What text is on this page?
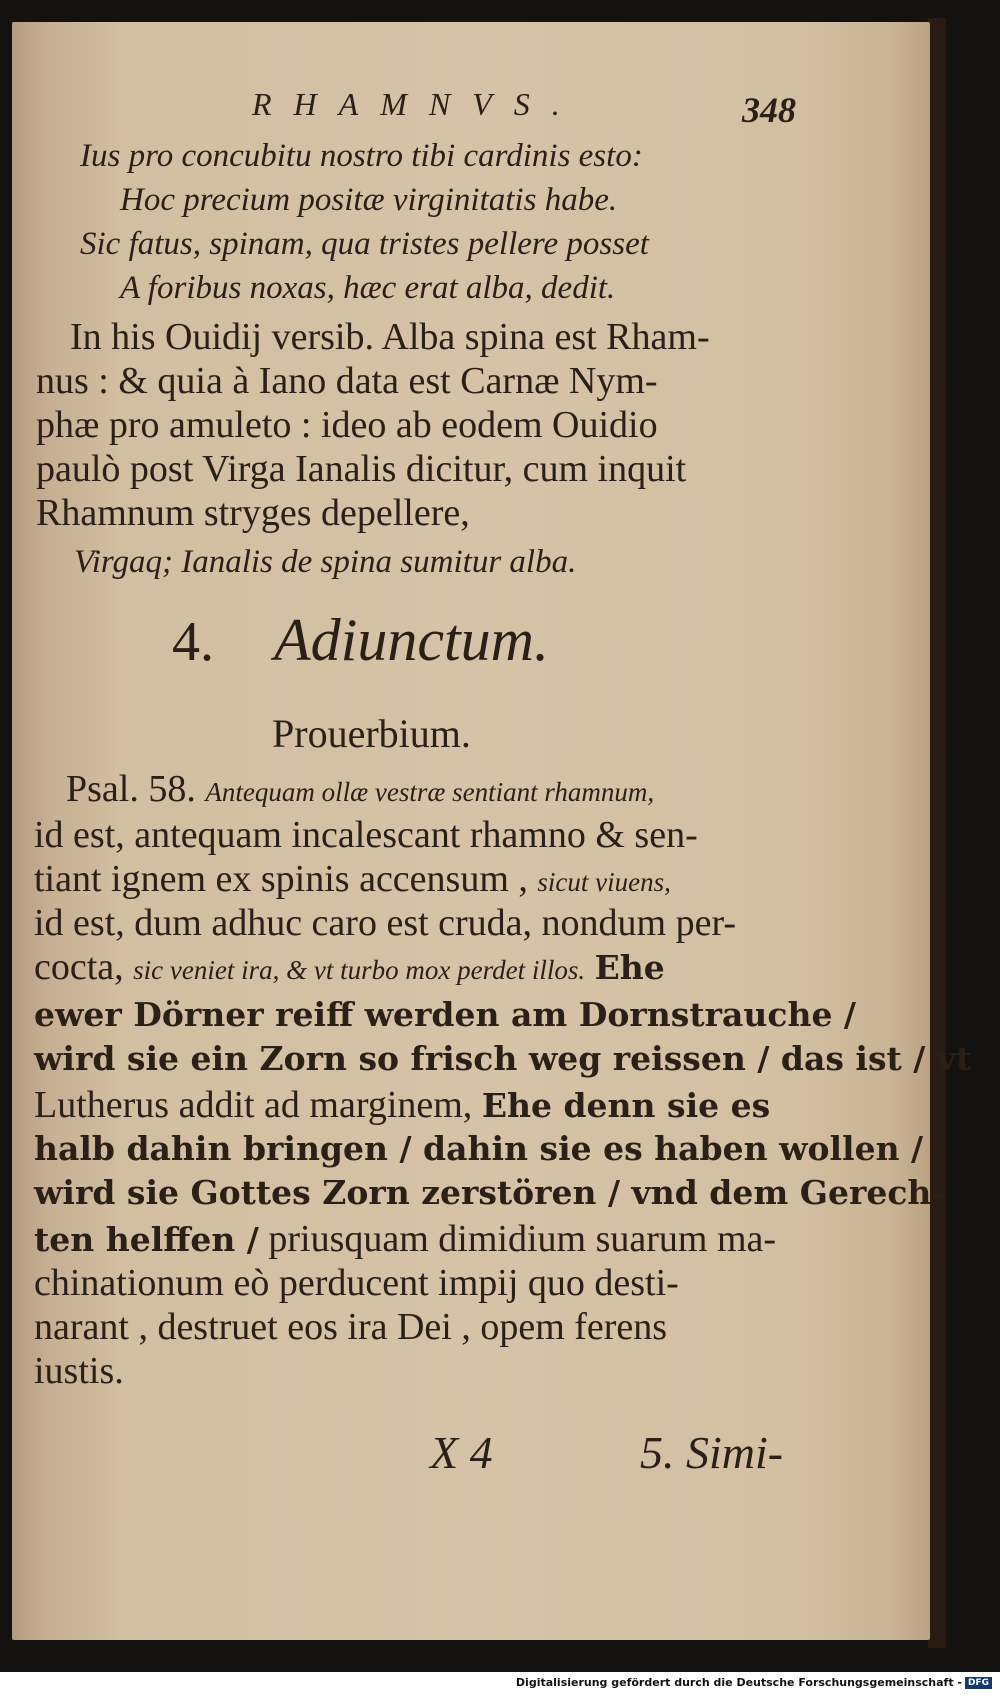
RHAMNVS.	348
Ius pro concubitu nostro tibi cardinis esto:
Hoc precium positæ virginitatis habe.
Sic fatus, spinam, qua tristes pellere posset
A foribus noxas, hæc erat alba, dedit.
In his Ouidij versib. Alba spina est Rham-
nus : & quia à Iano data est Carnæ Nym-
phæ pro amuleto : ideo ab eodem Ouidio
paulò post Virga Ianalis dicitur, cum inquit
Rhamnum stryges depellere,
Virgaq; Ianalis de spina sumitur alba.
4. Adiunctum.
Prouerbium.
Psal. 58. Antequam ollæ vestræ sentiant rhamnum,
id est, antequam incalescant rhamno & sen-
tiant ignem ex spinis accensum , sicut viuens,
id est, dum adhuc caro est cruda, nondum per-
cocta, sic veniet ira, & vt turbo mox perdet illos. Ehe
ewer Dörner reiff werden am Dornstrauche /
wird sie ein Zorn so frisch weg reissen / das ist / vt
Lutherus addit ad marginem, Ehe denn sie es
halb dahin bringen / dahin sie es haben wollen /
wird sie Gottes Zorn zerstören / vnd dem Gerech-
ten helffen / priusquam dimidium suarum ma-
chinationum eò perducent impij quo desti-
narant , destruet eos ira Dei , opem ferens
iustis.
X 4	5. Simi-
Digitalisierung gefördert durch die Deutsche Forschungsgemeinschaft - DFG
